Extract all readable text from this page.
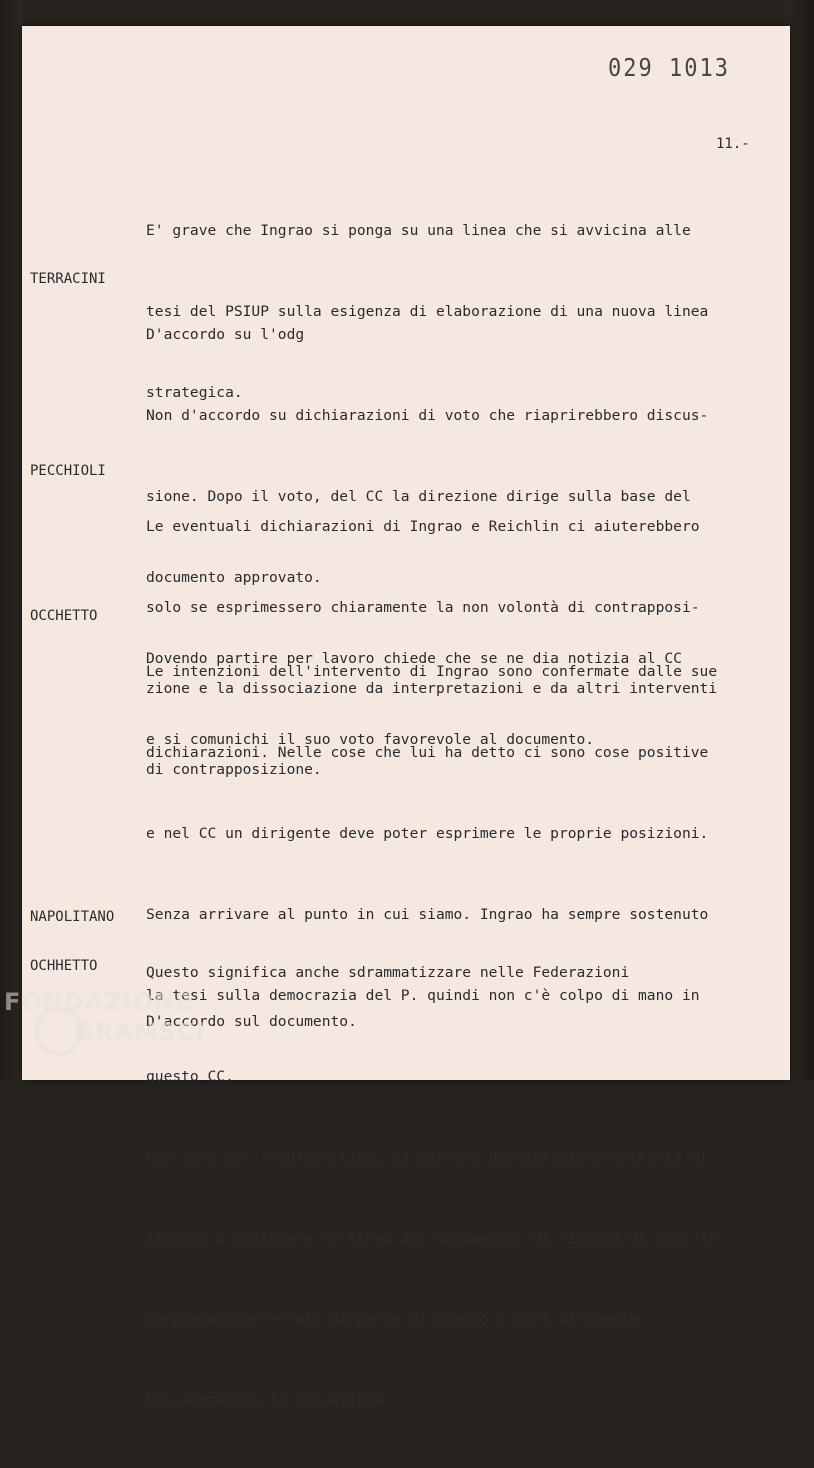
029 1013
11.-

E' grave che Ingrao si ponga su una linea che si avvicina alle

tesi del PSIUP sulla esigenza di elaborazione di una nuova linea

strategica.

TERRACINI

D'accordo su l'odg

Non d'accordo su dichiarazioni di voto che riaprirebbero discus-

sione. Dopo il voto, del CC la direzione dirige sulla base del

documento approvato.

Dovendo partire per lavoro chiede che se ne dia notizia al CC

e si comunichi il suo voto favorevole al documento.

PECCHIOLI

Le eventuali dichiarazioni di Ingrao e Reichlin ci aiuterebbero

solo se esprimessero chiaramente la non volontà di contrapposi-

zione e la dissociazione da interpretazioni e da altri interventi

di contrapposizione.

OCCHETTO

Le intenzioni dell'intervento di Ingrao sono confermate dalle sue

dichiarazioni. Nelle cose che lui ha detto ci sono cose positive

e nel CC un dirigente deve poter esprimere le proprie posizioni.

Senza arrivare al punto in cui siamo. Ingrao ha sempre sostenuto

la tesi sulla democrazia del P. quindi non c'è colpo di mano in

questo CC.

Non sono per l'autocritica, ma per una dichiarazione unitaria di

impegno a sostenere la linea del documento, di ripulsa di ogni in

terpretazione errata da parte di questo o quel dirigente.

Non aggravare la situazione.

NAPOLITANO

Questo significa anche sdrammatizzare nelle Federazioni

OCHHETTO

D'accordo sul documento.

FONDAZIONE
GRAMSCI
